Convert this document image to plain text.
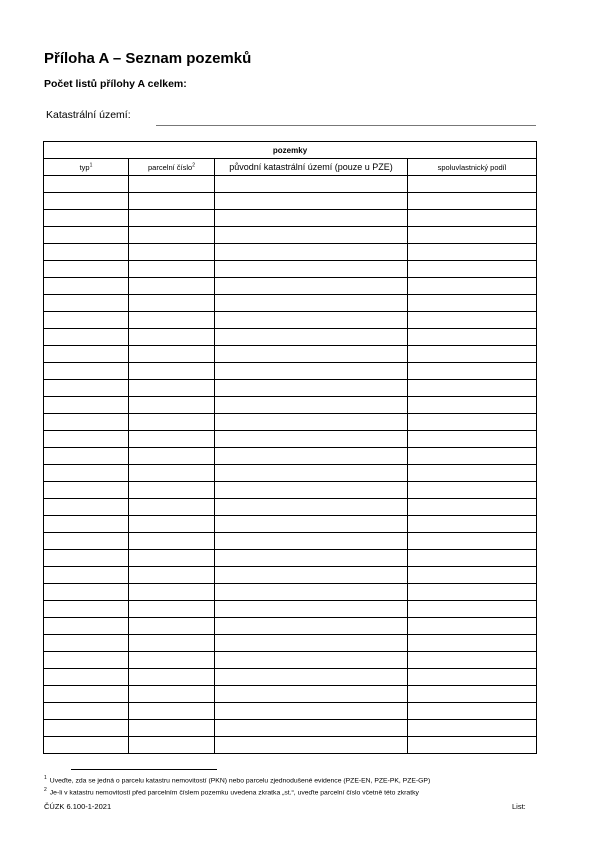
Příloha A – Seznam pozemků
Počet listů přílohy A celkem:
Katastrální území:
pozemky			
typ$^1$	parcelní číslo$^2$	původní katastrální území (pouze u PZE)	spoluvlastnický podíl

$^1$ Uveďte, zda se jedná o parcelu katastru nemovitostí (PKN) nebo parcelu zjednodušené evidence (PZE-EN, PZE-PK, PZE-GP)
$^2$ Je-li v katastru nemovitostí před parcelním číslem pozemku uvedena zkratka „st.“, uveďte parcelní číslo včetně této zkratky
ČÚZK 6.100-1-2021	List:
